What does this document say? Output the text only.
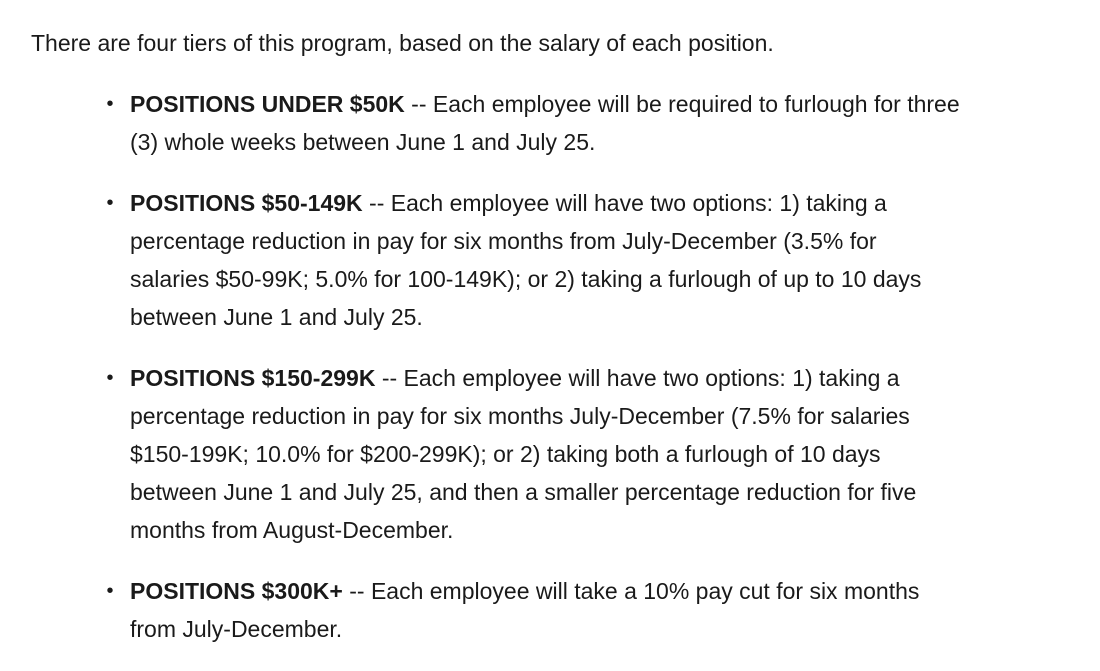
There are four tiers of this program, based on the salary of each position.

• POSITIONS UNDER $50K -- Each employee will be required to furlough for three
(3) whole weeks between June 1 and July 25.
• POSITIONS $50-149K -- Each employee will have two options: 1) taking a
percentage reduction in pay for six months from July-December (3.5% for
salaries $50-99K; 5.0% for 100-149K); or 2) taking a furlough of up to 10 days
between June 1 and July 25.
• POSITIONS $150-299K -- Each employee will have two options: 1) taking a
percentage reduction in pay for six months July-December (7.5% for salaries
$150-199K; 10.0% for $200-299K); or 2) taking both a furlough of 10 days
between June 1 and July 25, and then a smaller percentage reduction for five
months from August-December.
• POSITIONS $300K+ -- Each employee will take a 10% pay cut for six months
from July-December.
